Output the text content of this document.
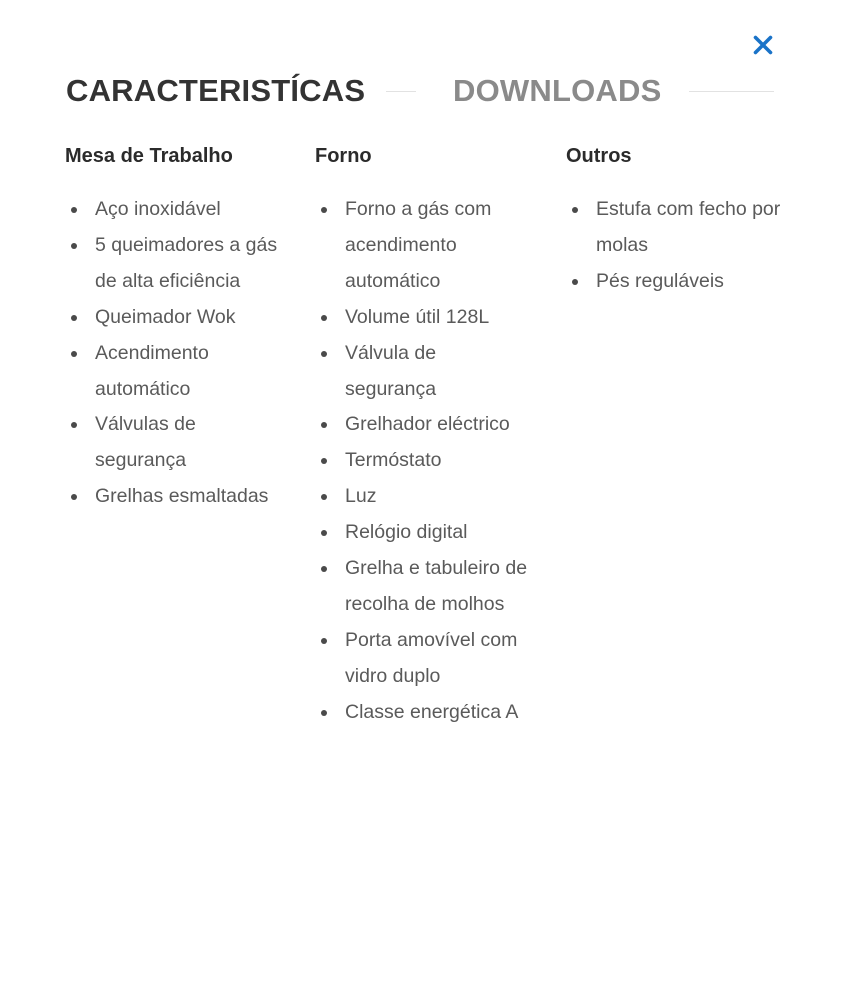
CARACTERISTÍCAS	DOWNLOADS
Mesa de Trabalho
Aço inoxidável
5 queimadores a gás de alta eficiência
Queimador Wok
Acendimento automático
Válvulas de segurança
Grelhas esmaltadas
Forno
Forno a gás com acendimento automático
Volume útil 128L
Válvula de segurança
Grelhador eléctrico
Termóstato
Luz
Relógio digital
Grelha e tabuleiro de recolha de molhos
Porta amovível com vidro duplo
Classe energética A
Outros
Estufa com fecho por molas
Pés reguláveis
